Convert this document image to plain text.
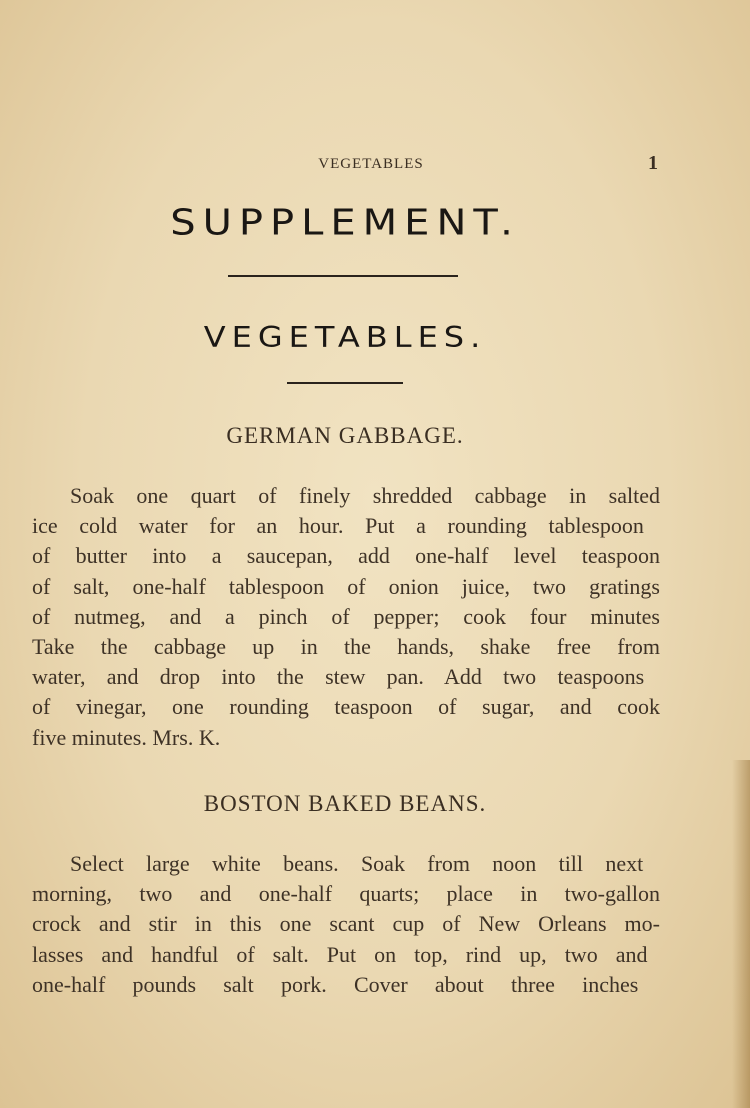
VEGETABLES	1
SUPPLEMENT.
VEGETABLES.
GERMAN GABBAGE.
Soak one quart of finely shredded cabbage in salted
ice cold water for an hour. Put a rounding tablespoon
of butter into a saucepan, add one-half level teaspoon
of salt, one-half tablespoon of onion juice, two gratings
of nutmeg, and a pinch of pepper; cook four minutes
Take the cabbage up in the hands, shake free from
water, and drop into the stew pan. Add two teaspoons
of vinegar, one rounding teaspoon of sugar, and cook
five minutes. Mrs. K.
BOSTON BAKED BEANS.
Select large white beans. Soak from noon till next
morning, two and one-half quarts; place in two-gallon
crock and stir in this one scant cup of New Orleans mo-
lasses and handful of salt. Put on top, rind up, two and
one-half pounds salt pork. Cover about three inches
